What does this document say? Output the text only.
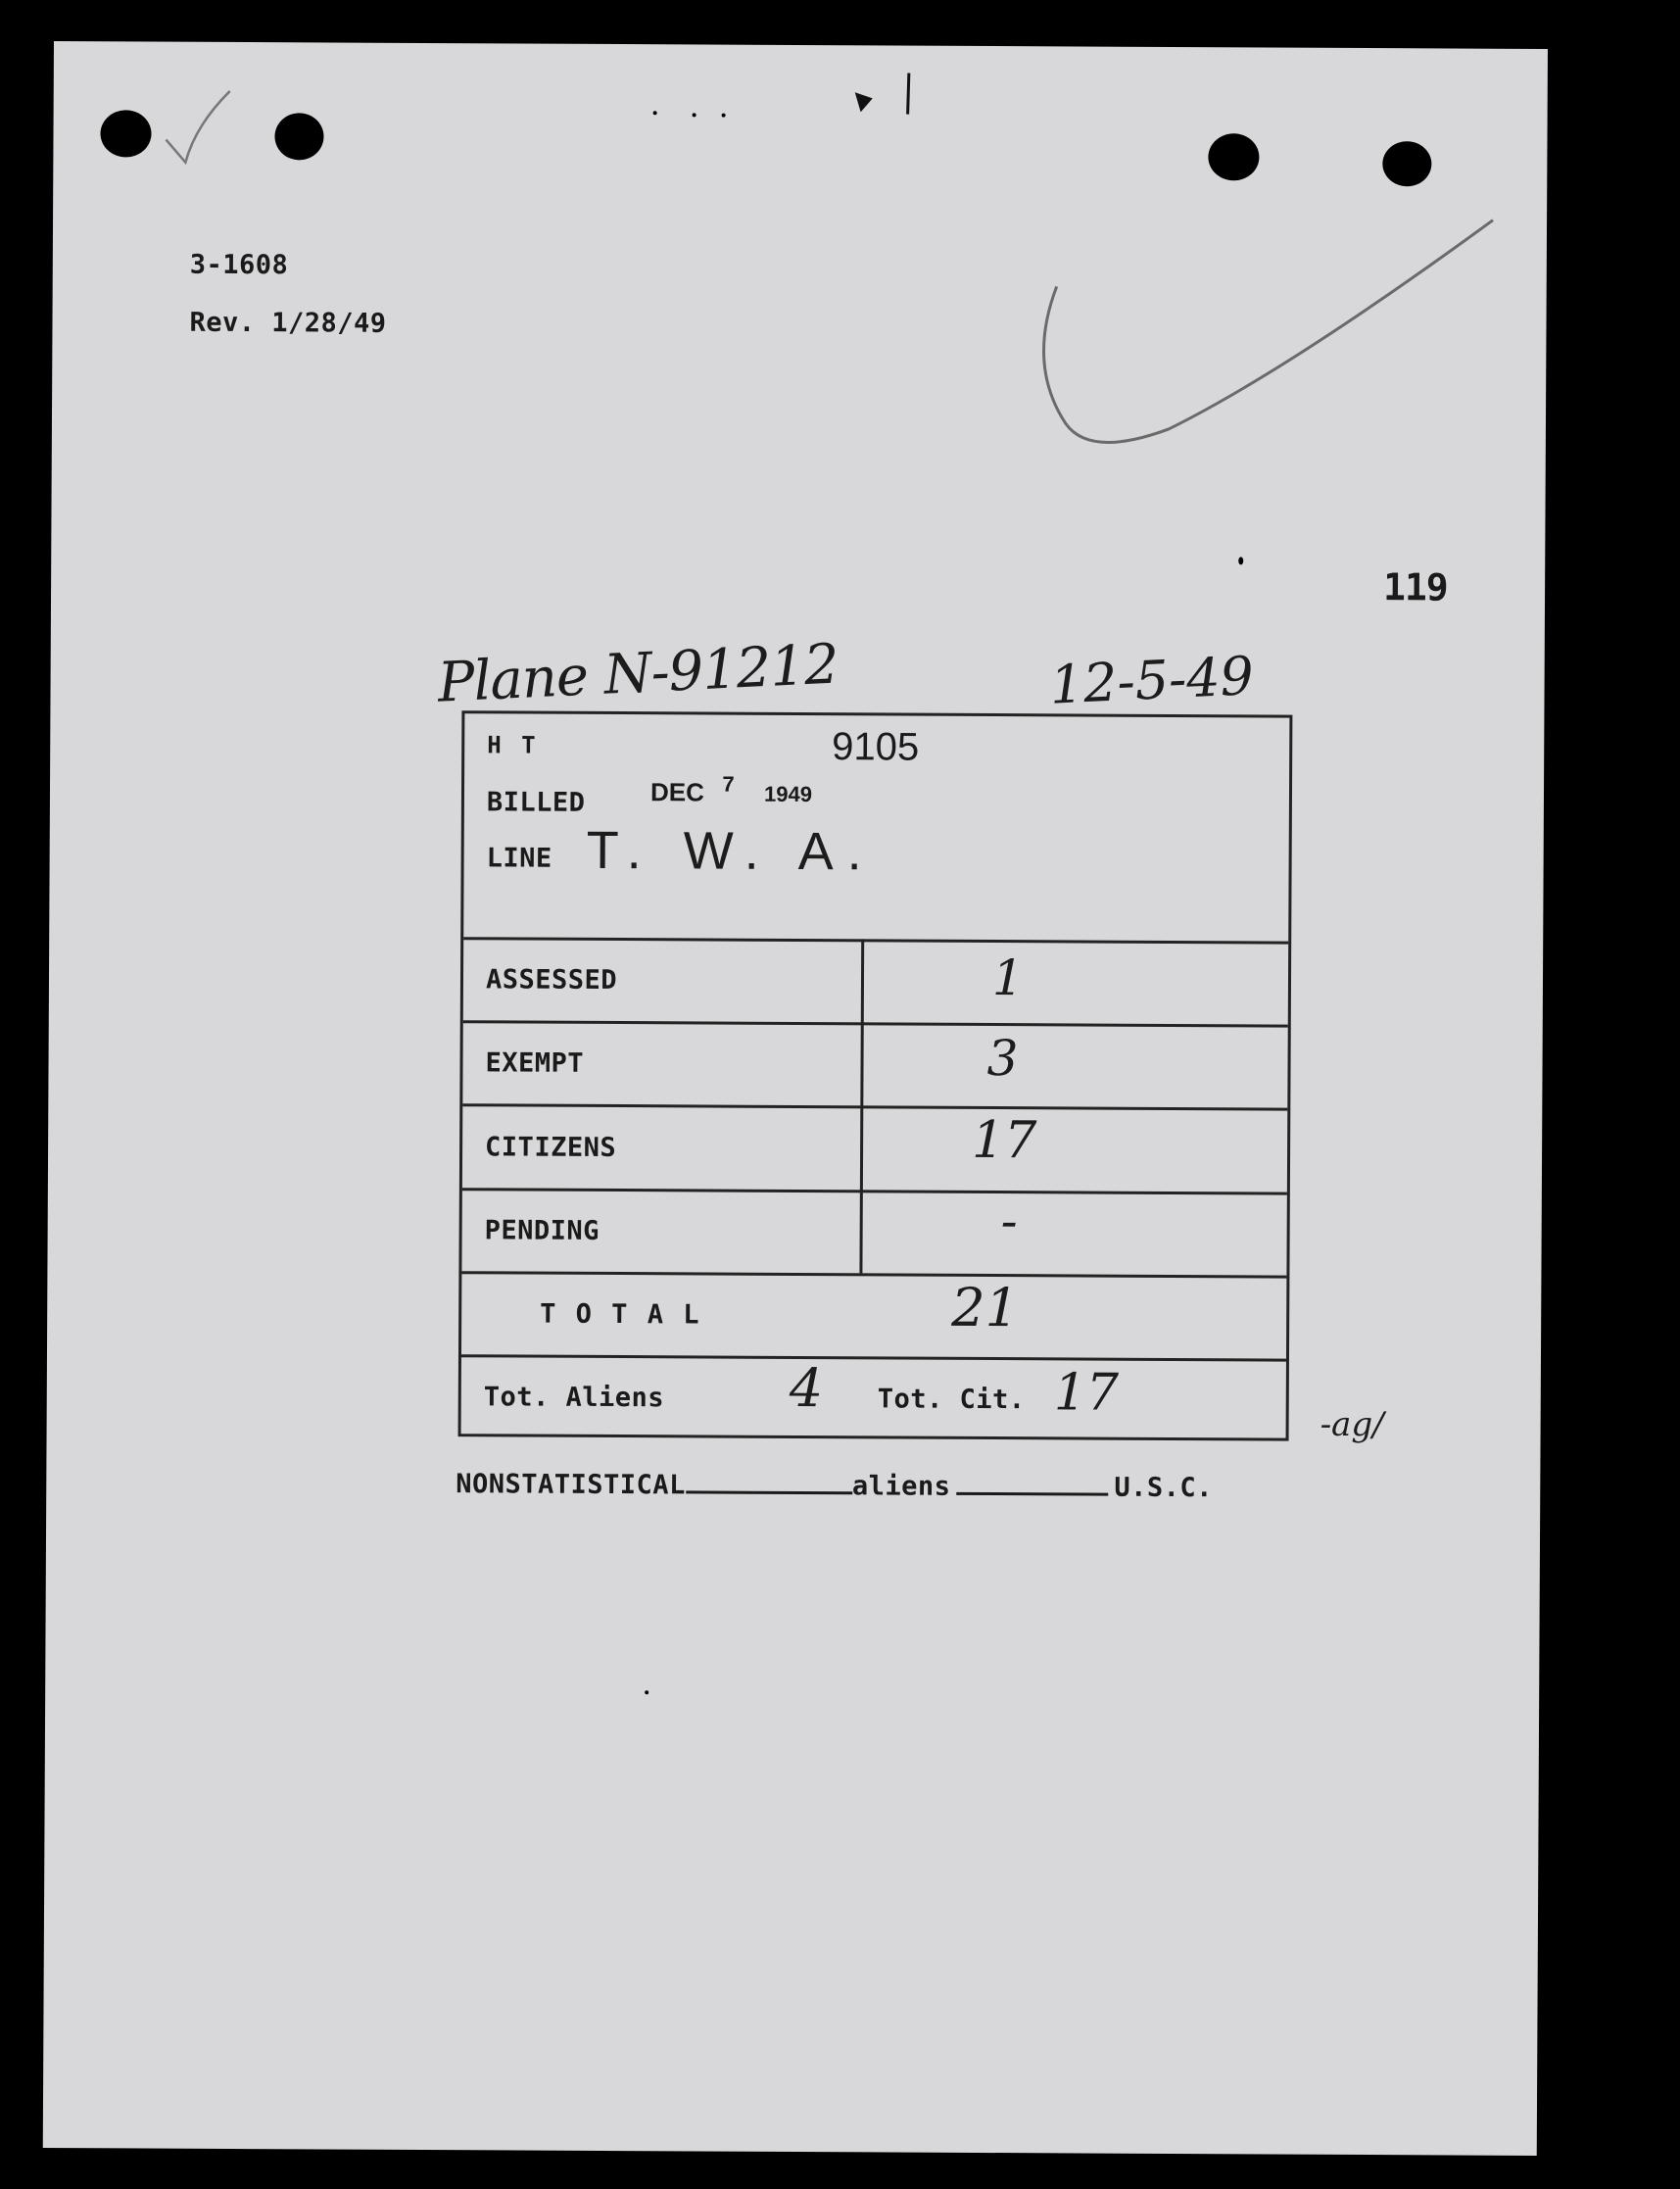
3-1608
Rev. 1/28/49
119
Plane N-91212	12-5-49
H T	9105
BILLED	DEC 7 1949
LINE T. W. A.
ASSESSED	1
EXEMPT	3
CITIZENS	17
PENDING	-
T O T A L	21
Tot. Aliens 4 Tot. Cit. 17
-ag/
NONSTATISTICAL	aliens	U.S.C.
